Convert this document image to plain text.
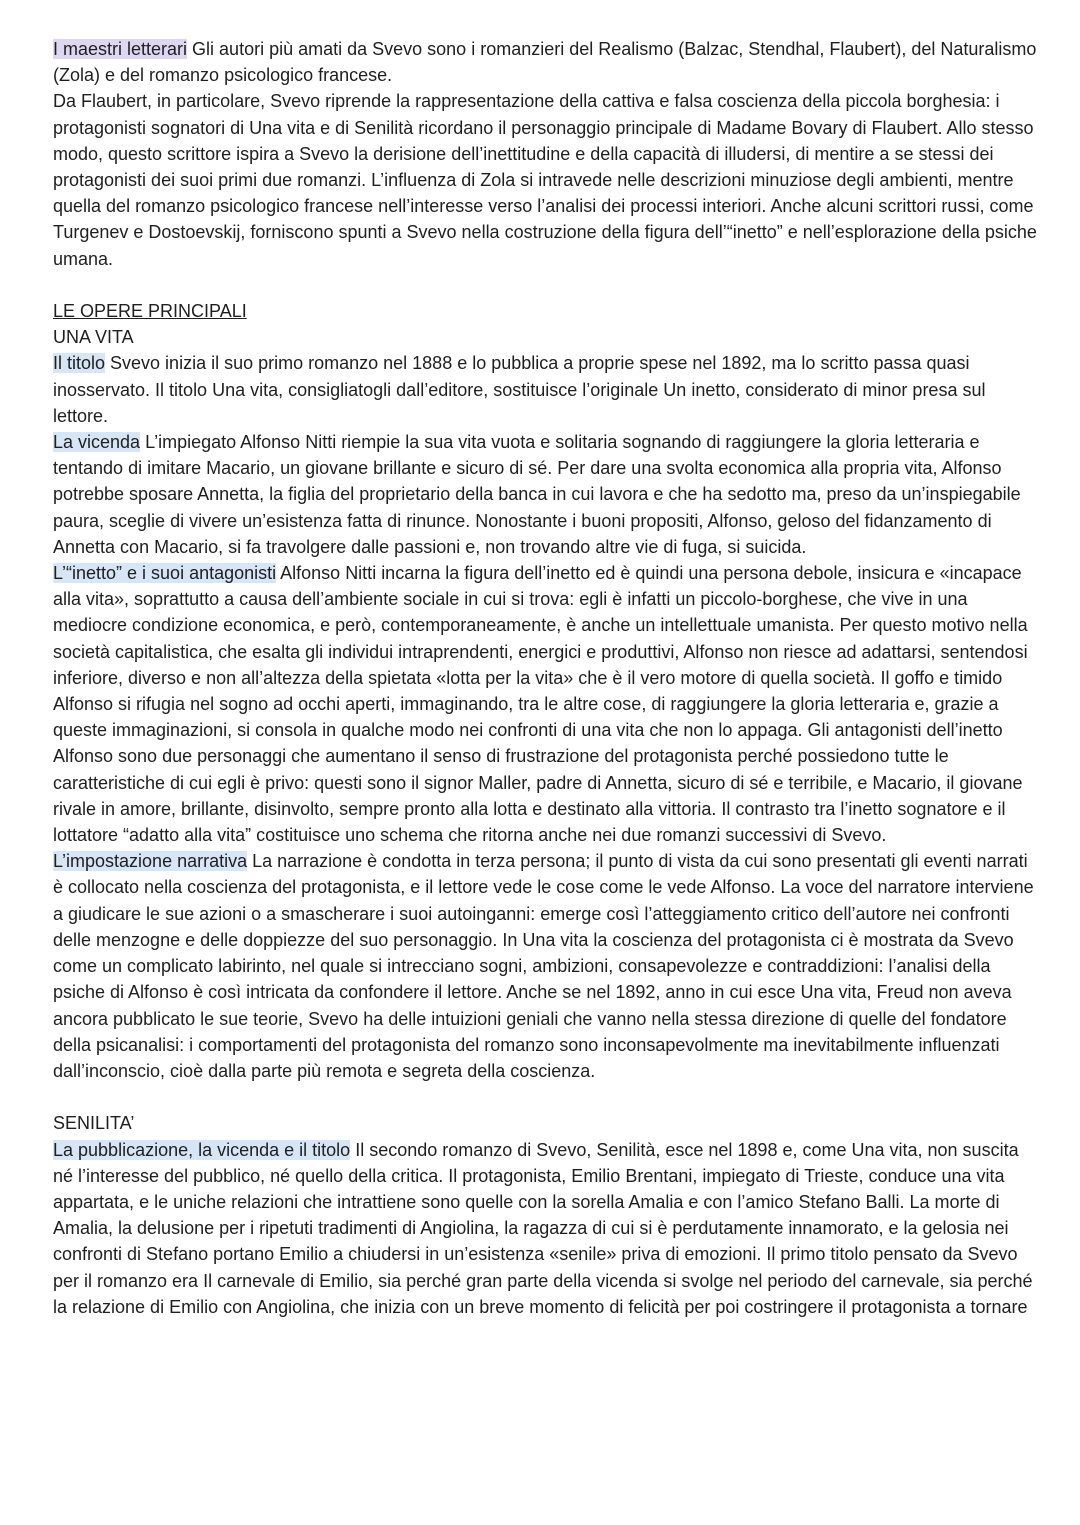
I maestri letterari Gli autori più amati da Svevo sono i romanzieri del Realismo (Balzac, Stendhal, Flaubert), del Naturalismo (Zola) e del romanzo psicologico francese.

Da Flaubert, in particolare, Svevo riprende la rappresentazione della cattiva e falsa coscienza della piccola borghesia: i protagonisti sognatori di Una vita e di Senilità ricordano il personaggio principale di Madame Bovary di Flaubert. Allo stesso modo, questo scrittore ispira a Svevo la derisione dell’inettitudine e della capacità di illudersi, di mentire a se stessi dei protagonisti dei suoi primi due romanzi. L’influenza di Zola si intravede nelle descrizioni minuziose degli ambienti, mentre quella del romanzo psicologico francese nell’interesse verso l’analisi dei processi interiori. Anche alcuni scrittori russi, come Turgenev e Dostoevskij, forniscono spunti a Svevo nella costruzione della figura dell’“inetto” e nell’esplorazione della psiche umana.

LE OPERE PRINCIPALI

UNA VITA

Il titolo Svevo inizia il suo primo romanzo nel 1888 e lo pubblica a proprie spese nel 1892, ma lo scritto passa quasi inosservato. Il titolo Una vita, consigliatogli dall’editore, sostituisce l’originale Un inetto, considerato di minor presa sul lettore.

La vicenda L’impiegato Alfonso Nitti riempie la sua vita vuota e solitaria sognando di raggiungere la gloria letteraria e tentando di imitare Macario, un giovane brillante e sicuro di sé. Per dare una svolta economica alla propria vita, Alfonso potrebbe sposare Annetta, la figlia del proprietario della banca in cui lavora e che ha sedotto ma, preso da un’inspiegabile paura, sceglie di vivere un’esistenza fatta di rinunce. Nonostante i buoni propositi, Alfonso, geloso del fidanzamento di Annetta con Macario, si fa travolgere dalle passioni e, non trovando altre vie di fuga, si suicida.

L’“inetto” e i suoi antagonisti Alfonso Nitti incarna la figura dell’inetto ed è quindi una persona debole, insicura e «incapace alla vita», soprattutto a causa dell’ambiente sociale in cui si trova: egli è infatti un piccolo-borghese, che vive in una mediocre condizione economica, e però, contemporaneamente, è anche un intellettuale umanista. Per questo motivo nella società capitalistica, che esalta gli individui intraprendenti, energici e produttivi, Alfonso non riesce ad adattarsi, sentendosi inferiore, diverso e non all’altezza della spietata «lotta per la vita» che è il vero motore di quella società. Il goffo e timido Alfonso si rifugia nel sogno ad occhi aperti, immaginando, tra le altre cose, di raggiungere la gloria letteraria e, grazie a queste immaginazioni, si consola in qualche modo nei confronti di una vita che non lo appaga. Gli antagonisti dell’inetto Alfonso sono due personaggi che aumentano il senso di frustrazione del protagonista perché possiedono tutte le caratteristiche di cui egli è privo: questi sono il signor Maller, padre di Annetta, sicuro di sé e terribile, e Macario, il giovane rivale in amore, brillante, disinvolto, sempre pronto alla lotta e destinato alla vittoria. Il contrasto tra l’inetto sognatore e il lottatore “adatto alla vita” costituisce uno schema che ritorna anche nei due romanzi successivi di Svevo.

L’impostazione narrativa La narrazione è condotta in terza persona; il punto di vista da cui sono presentati gli eventi narrati è collocato nella coscienza del protagonista, e il lettore vede le cose come le vede Alfonso. La voce del narratore interviene a giudicare le sue azioni o a smascherare i suoi autoinganni: emerge così l’atteggiamento critico dell’autore nei confronti delle menzogne e delle doppiezze del suo personaggio. In Una vita la coscienza del protagonista ci è mostrata da Svevo come un complicato labirinto, nel quale si intrecciano sogni, ambizioni, consapevolezze e contraddizioni: l’analisi della psiche di Alfonso è così intricata da confondere il lettore. Anche se nel 1892, anno in cui esce Una vita, Freud non aveva ancora pubblicato le sue teorie, Svevo ha delle intuizioni geniali che vanno nella stessa direzione di quelle del fondatore della psicanalisi: i comportamenti del protagonista del romanzo sono inconsapevolmente ma inevitabilmente influenzati dall’inconscio, cioè dalla parte più remota e segreta della coscienza.

SENILITA’

La pubblicazione, la vicenda e il titolo Il secondo romanzo di Svevo, Senilità, esce nel 1898 e, come Una vita, non suscita né l’interesse del pubblico, né quello della critica. Il protagonista, Emilio Brentani, impiegato di Trieste, conduce una vita appartata, e le uniche relazioni che intrattiene sono quelle con la sorella Amalia e con l’amico Stefano Balli. La morte di Amalia, la delusione per i ripetuti tradimenti di Angiolina, la ragazza di cui si è perdutamente innamorato, e la gelosia nei confronti di Stefano portano Emilio a chiudersi in un’esistenza «senile» priva di emozioni. Il primo titolo pensato da Svevo per il romanzo era Il carnevale di Emilio, sia perché gran parte della vicenda si svolge nel periodo del carnevale, sia perché la relazione di Emilio con Angiolina, che inizia con un breve momento di felicità per poi costringere il protagonista a tornare
